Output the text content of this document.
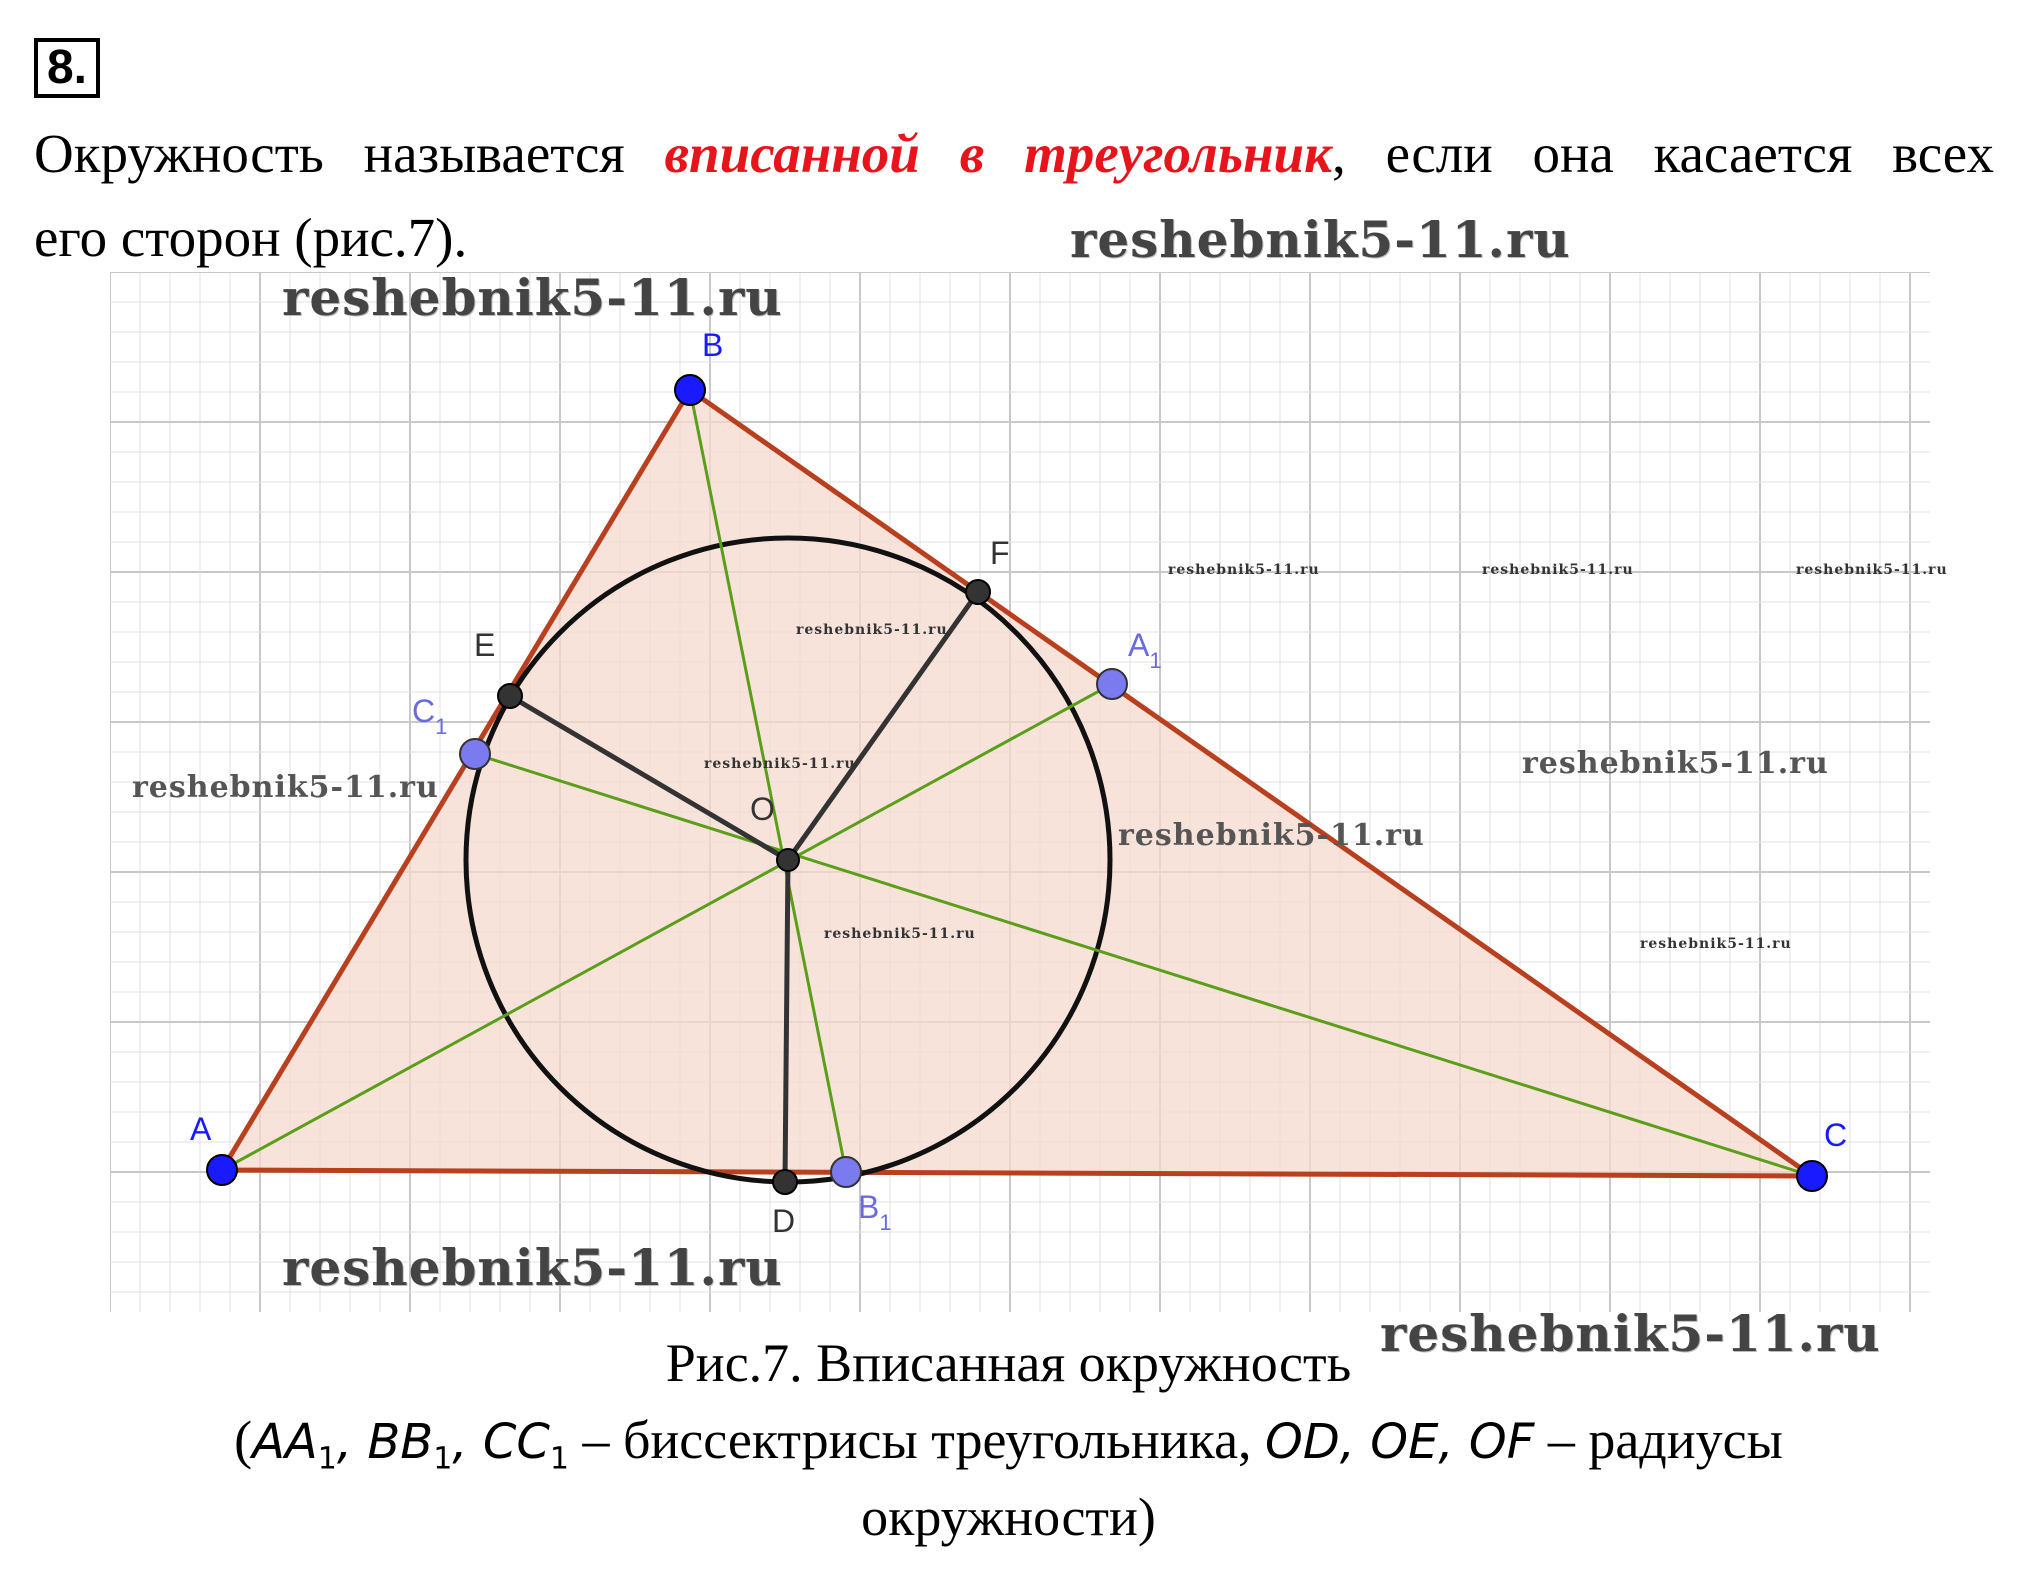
8.
Окружность называется вписанной в треугольник, если она касается всех
его сторон (рис.7).
A
B
C
$A_1$
$B_1$
$C_1$
D
E
F
O
reshebnik5-11.ru
reshebnik5-11.ru
reshebnik5-11.ru
reshebnik5-11.ru
reshebnik5-11.ru
reshebnik5-11.ru
reshebnik5-11.ru
reshebnik5-11.ru	reshebnik5-11.ru	reshebnik5-11.ru
reshebnik5-11.ru
reshebnik5-11.ru
reshebnik5-11.ru
reshebnik5-11.ru
Рис.7. Вписанная окружность
($AA_1$, $BB_1$, $CC_1$ – биссектрисы треугольника, OD, OE, OF – радиусы
окружности)
